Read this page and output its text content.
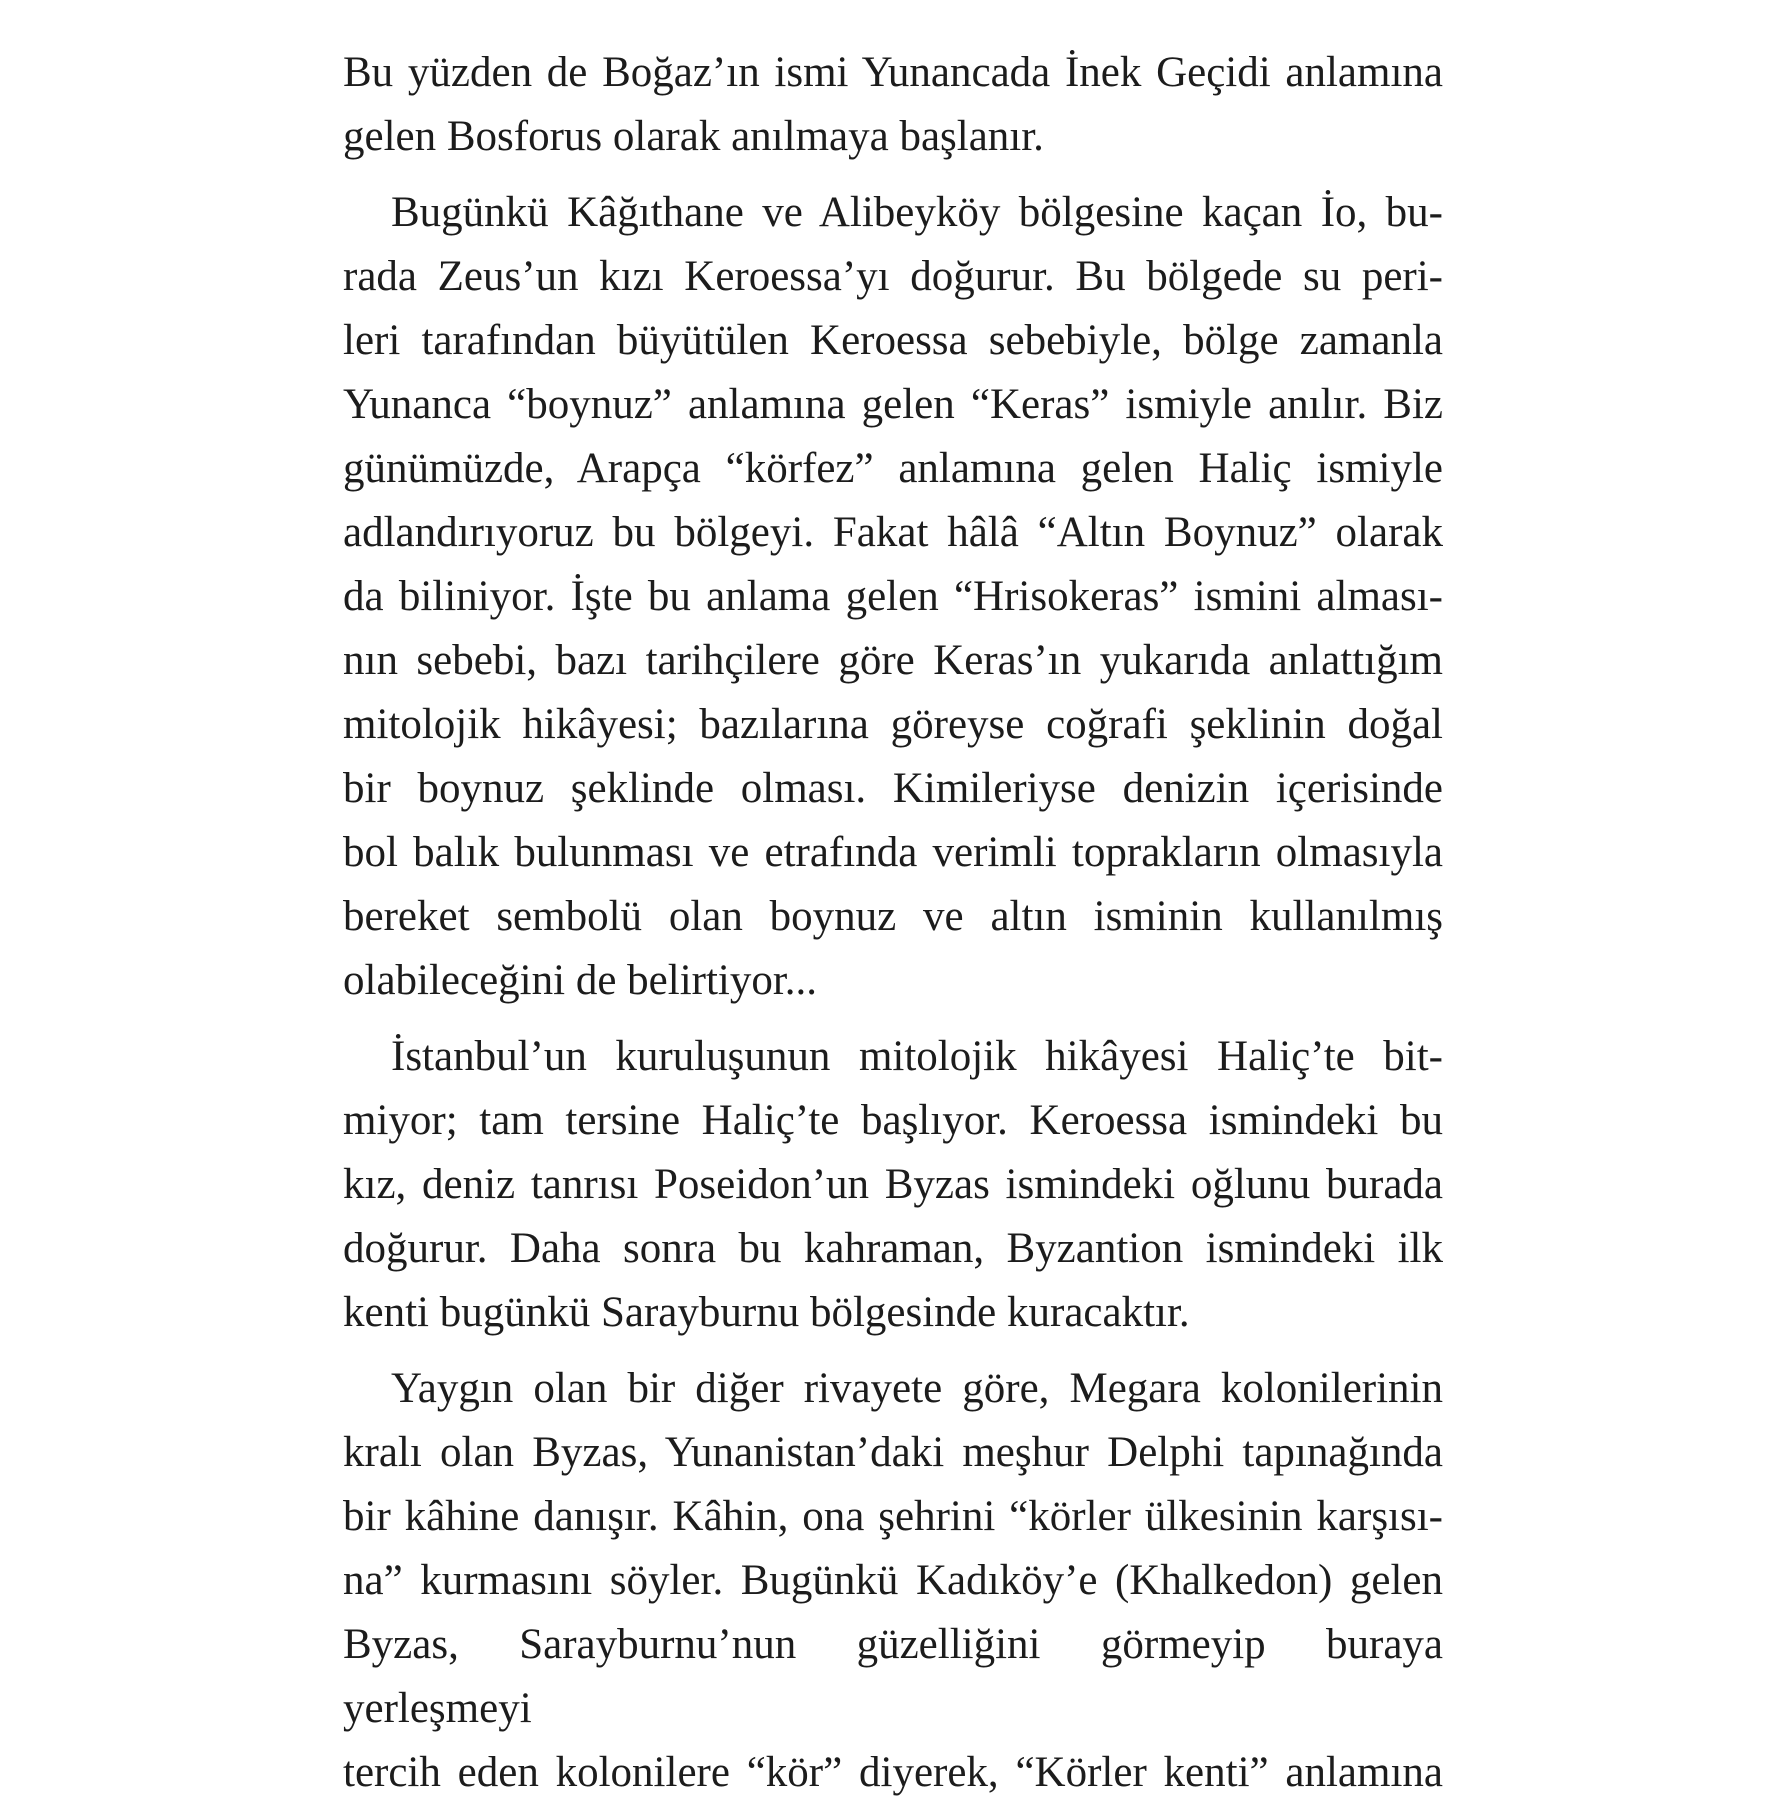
Bu yüzden de Boğaz’ın ismi Yunancada İnek Geçidi anlamına
gelen Bosforus olarak anılmaya başlanır.
Bugünkü Kâğıthane ve Alibeyköy bölgesine kaçan İo, bu-
rada Zeus’un kızı Keroessa’yı doğurur. Bu bölgede su peri-
leri tarafından büyütülen Keroessa sebebiyle, bölge zamanla
Yunanca “boynuz” anlamına gelen “Keras” ismiyle anılır. Biz
günümüzde, Arapça “körfez” anlamına gelen Haliç ismiyle
adlandırıyoruz bu bölgeyi. Fakat hâlâ “Altın Boynuz” olarak
da biliniyor. İşte bu anlama gelen “Hrisokeras” ismini alması-
nın sebebi, bazı tarihçilere göre Keras’ın yukarıda anlattığım
mitolojik hikâyesi; bazılarına göreyse coğrafi şeklinin doğal
bir boynuz şeklinde olması. Kimileriyse denizin içerisinde
bol balık bulunması ve etrafında verimli toprakların olmasıyla
bereket sembolü olan boynuz ve altın isminin kullanılmış
olabileceğini de belirtiyor...
İstanbul’un kuruluşunun mitolojik hikâyesi Haliç’te bit-
miyor; tam tersine Haliç’te başlıyor. Keroessa ismindeki bu
kız, deniz tanrısı Poseidon’un Byzas ismindeki oğlunu burada
doğurur. Daha sonra bu kahraman, Byzantion ismindeki ilk
kenti bugünkü Sarayburnu bölgesinde kuracaktır.
Yaygın olan bir diğer rivayete göre, Megara kolonilerinin
kralı olan Byzas, Yunanistan’daki meşhur Delphi tapınağında
bir kâhine danışır. Kâhin, ona şehrini “körler ülkesinin karşısı-
na” kurmasını söyler. Bugünkü Kadıköy’e (Khalkedon) gelen
Byzas, Sarayburnu’nun güzelliğini görmeyip buraya yerleşmeyi
tercih eden kolonilere “kör” diyerek, “Körler kenti” anlamına
